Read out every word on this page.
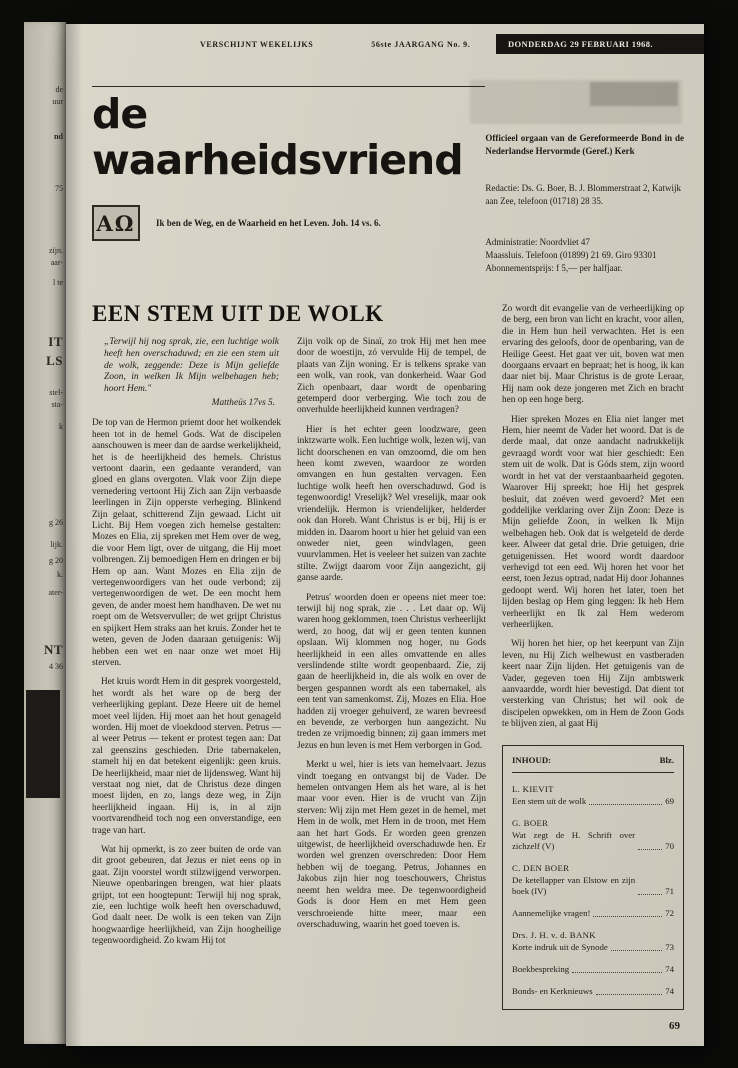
de
uur
nd
75
zijn.
aar-
l te
IT
LS
stel-
sta-
k
g 26
lijk.
g 20
k.
ater-
NT
4 36
VERSCHIJNT WEKELIJKS	56ste JAARGANG No. 9.	DONDERDAG 29 FEBRUARI 1968.
de waarheidsvriend
AΩ	Ik ben de Weg, en de Waarheid en het Leven. Joh. 14 vs. 6.
Officieel orgaan van de Gereformeerde Bond in de Nederlandse Hervormde (Geref.) Kerk
Redactie: Ds. G. Boer, B. J. Blommerstraat 2, Katwijk aan Zee, telefoon (01718) 28 35.
Administratie: Noordvliet 47
Maassluis. Telefoon (01899) 21 69. Giro 93301
Abonnementsprijs: f 5,— per halfjaar.
EEN STEM UIT DE WOLK
„Terwijl hij nog sprak, zie, een luchtige wolk heeft hen overschaduwd; en zie een stem uit de wolk, zeggende: Deze is Mijn geliefde Zoon, in welken Ik Mijn welbehagen heb; hoort Hem."
Mattheüs 17vs 5.

De top van de Hermon priemt door het wolkendek heen tot in de hemel Gods. Wat de discipelen aanschouwen is meer dan de aardse werkelijkheid, het is de heerlijkheid des hemels. Christus vertoont daarin, een gedaante veranderd, van gloed en glans overgoten. Vlak voor Zijn diepe vernedering vertoont Hij Zich aan Zijn verbaasde leerlingen in Zijn opperste verheging. Blinkend Zijn gelaat, schitterend Zijn gewaad. Licht uit Licht. Bij Hem voegen zich hemelse gestalten: Mozes en Elia, zij spreken met Hem over de weg, die voor Hem ligt, over de uitgang, die Hij moet volbrengen. Zij bemoedigen Hem en dringen er bij Hem op aan. Want Mozes en Elia zijn de vertegenwoordigers van het oude verbond; zij vertegenwoordigen de wet. De een mocht hem geven, de ander moest hem handhaven. De wet nu roept om de Wetsvervuller; de wet grijpt Christus en spijkert Hem straks aan het kruis. Zonder het te weten, geven de Joden daaraan getuigenis: Wij hebben een wet en naar onze wet moet Hij sterven.

Het kruis wordt Hem in dit gesprek voorgesteld, het wordt als het ware op de berg der verheerlijking geplant. Deze Heere uit de hemel moet veel lijden. Hij moet aan het hout genageld worden. Hij moet de vloekdood sterven. Petrus — al weer Petrus — tekent er protest tegen aan: Dat zal geenszins geschieden. Drie tabernakelen, stamelt hij en dat betekent eigenlijk: geen kruis. De heerlijkheid, maar niet de lijdensweg. Want hij verstaat nog niet, dat de Christus deze dingen moest lijden, en zo, langs deze weg, in Zijn heerlijkheid ingaan. Hij is, in al zijn voortvarendheid toch nog een onverstandige, een trage van hart.

Wat hij opmerkt, is zo zeer buiten de orde van dit groot gebeuren, dat Jezus er niet eens op in gaat. Zijn voorstel wordt stilzwijgend verworpen. Nieuwe openbaringen brengen, wat hier plaats grijpt, tot een hoogtepunt: Terwijl hij nog sprak, zie, een luchtige wolk heeft hen overschaduwd, God daalt neer. De wolk is een teken van Zijn hoogwaardige heerlijkheid, van Zijn hoogheilige tegenwoordigheid. Zo kwam Hij tot

Zijn volk op de Sinaï, zo trok Hij met hen mee door de woestijn, zó vervulde Hij de tempel, de plaats van Zijn woning. Er is telkens sprake van een wolk, van rook, van donkerheid. Waar God Zich openbaart, daar wordt de openbaring getemperd door verberging. Wie toch zou de onverhulde heerlijkheid kunnen verdragen?

Hier is het echter geen loodzware, geen inktzwarte wolk. Een luchtige wolk, lezen wij, van licht doorschenen en van omzoomd, die om hen heen komt zweven, waardoor ze worden omvangen en hun gestalten vervagen. Een luchtige wolk heeft hen overschaduwd. God is tegenwoordig! Vreselijk? Wel vreselijk, maar ook vriendelijk. Hermon is vriendelijker, helderder ook dan Horeb. Want Christus is er bij, Hij is er midden in. Daarom hoort u hier het geluid van een onweder niet, geen windvlagen, geen vuurvlammen. Het is veeleer het suizen van zachte stilte. Zwijgt daarom voor Zijn aangezicht, gij ganse aarde.

Petrus' woorden doen er opeens niet meer toe: terwijl hij nog sprak, zie . . . Let daar op. Wij waren hoog geklommen, toen Christus verheerlijkt werd, zo hoog, dat wij er geen tenten kunnen opslaan. Wij klommen nog hoger, nu Gods heerlijkheid in een alles omvattende en alles verslindende stilte wordt geopenbaard. Zie, zij gaan de heerlijkheid in, die als wolk en over de bergen gespannen wordt als een tabernakel, als een tent van samenkomst. Zij, Mozes en Elia. Hoe hadden zij vroeger gehuiverd, ze waren bevreesd en bevende, ze verborgen hun aangezicht. Nu treden ze vrijmoedig binnen; zij gaan immers met Jezus en hun leven is met Hem verborgen in God.

Merkt u wel, hier is iets van hemelvaart. Jezus vindt toegang en ontvangst bij de Vader. De hemelen ontvangen Hem als het ware, al is het maar voor even. Hier is de vrucht van Zijn sterven: Wij zijn met Hem gezet in de hemel, met Hem in de wolk, met Hem in de troon, met Hem aan het hart Gods. Er worden geen grenzen uitgewist, de heerlijkheid overschaduwde hen. Er worden wel grenzen overschreden: Door Hem hebben wij de toegang. Petrus, Johannes en Jakobus zijn hier nog toeschouwers, Christus neemt hen weldra mee. De tegenwoordigheid Gods is door Hem en met Hem geen verschroeiende hitte meer, maar een overschaduwing, waarin het goed toeven is.

Zo wordt dit evangelie van de verheerlijking op de berg, een bron van licht en kracht, voor allen, die in Hem hun heil verwachten. Het is een ervaring des geloofs, door de openbaring, van de Heilige Geest. Het gaat ver uit, boven wat men doorgaans ervaart en bepraat; het is hoog, ik kan daar niet bij. Maar Christus is de grote Leraar, Hij nam ook deze jongeren met Zich en bracht hen op een hoge berg.

Hier spreken Mozes en Elia niet langer met Hem, hier neemt de Vader het woord. Dat is de derde maal, dat onze aandacht nadrukkelijk gevraagd wordt voor wat hier geschiedt: Een stem uit de wolk. Dat is Góds stem, zijn woord wordt in het vat der verstaanbaarheid gegoten. Waarover Hij spreekt; hoe Hij het gesprek besluit, dat zoéven werd gevoerd? Met een goddelijke verklaring over Zijn Zoon: Deze is Mijn geliefde Zoon, in welken Ik Mijn welbehagen heb. Ook dat is welgeteld de derde keer. Alweer dat getal drie. Drie getuigen, drie getuigenissen. Het woord wordt daardoor verhevigd tot een eed. Wij horen het voor het eerst, toen Jezus optrad, nadat Hij door Johannes gedoopt werd. Wij horen het later, toen het lijden beslag op Hem ging leggen: Ik heb Hem verheerlijkt en Ik zal Hem wederom verheerlijken.

Wij horen het hier, op het keerpunt van Zijn leven, nu Hij Zich welbewust en vastberaden keert naar Zijn lijden. Het getuigenis van de Vader, gegeven toen Hij Zijn ambtswerk aanvaardde, wordt hier bevestigd. Dat dient tot versterking van Christus; het wil ook de discipelen opwekken, om in Hem de Zoon Gods te blijven zien, al gaat Hij

INHOUD:	Blz.
L. KIEVIT
Een stem uit de wolk	69
G. BOER
Wat zegt de H. Schrift over zichzelf (V)	70
C. DEN BOER
De ketellapper van Elstow en zijn boek (IV)	71
Aannemelijke vragen!	72
Drs. J. H. v. d. BANK
Korte indruk uit de Synode	73
Boekbespreking	74
Bonds- en Kerknieuws	74
69
